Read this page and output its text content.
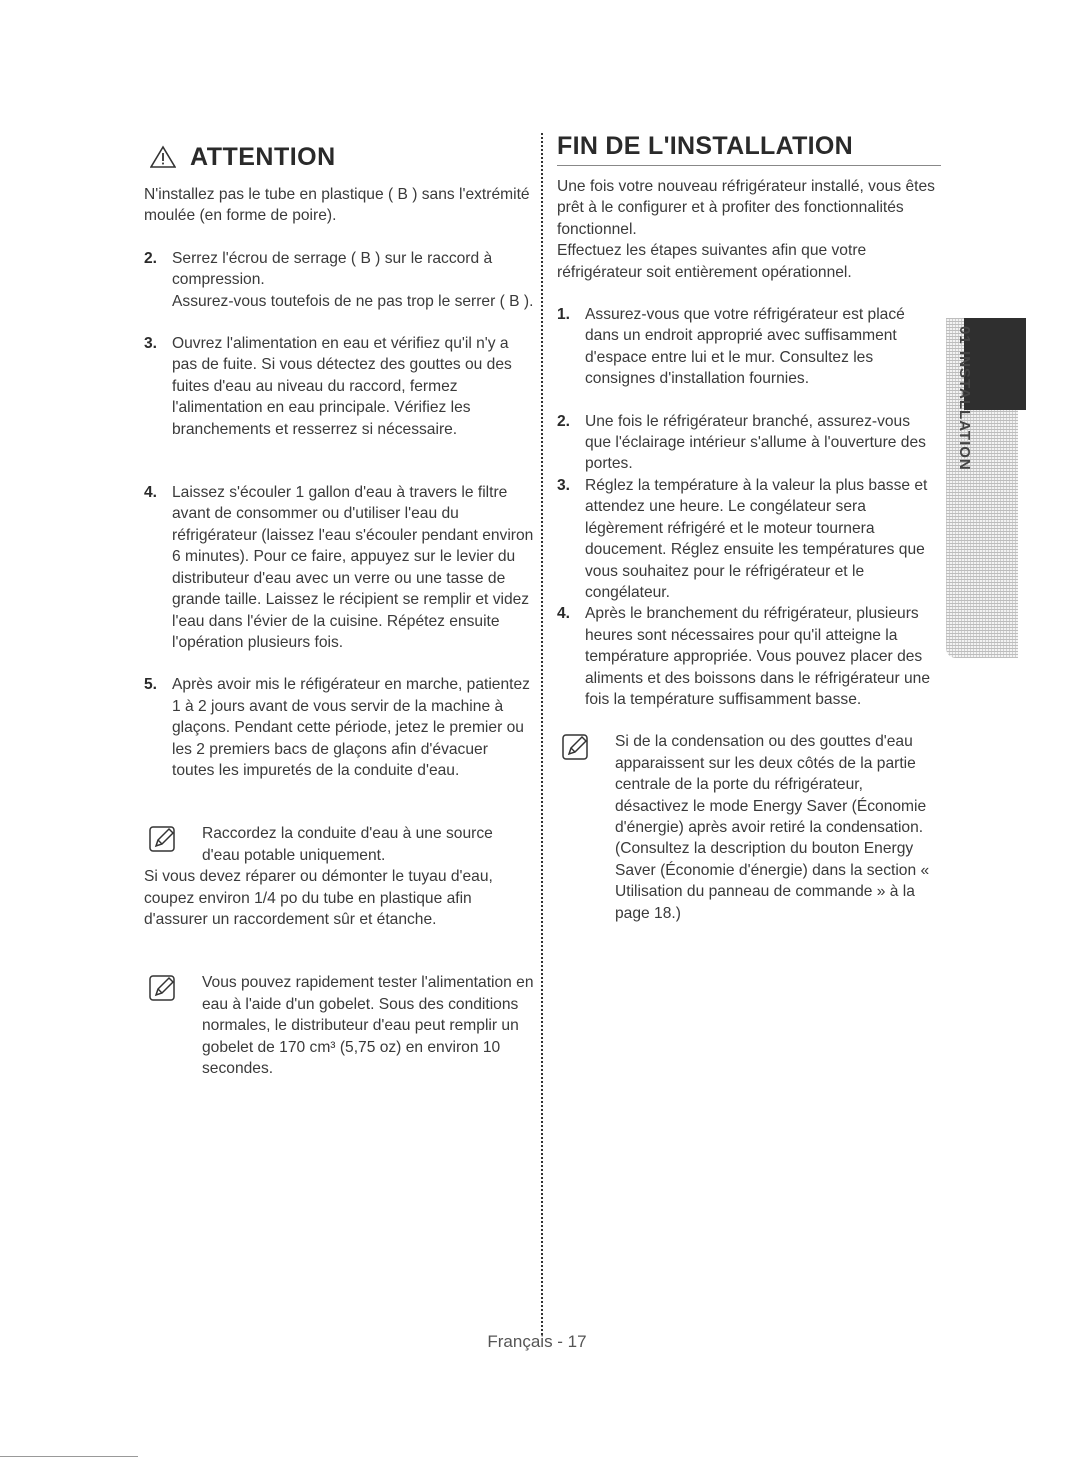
ATTENTION

N'installez pas le tube en plastique ( B ) sans l'extrémité moulée (en forme de poire).

2. Serrez l'écrou de serrage ( B ) sur le raccord à compression.

Assurez-vous toutefois de ne pas trop le serrer ( B ).

3. Ouvrez l'alimentation en eau et vérifiez qu'il n'y a pas de fuite. Si vous détectez des gouttes ou des fuites d'eau au niveau du raccord, fermez l'alimentation en eau principale. Vérifiez les branchements et resserrez si nécessaire.

4. Laissez s'écouler 1 gallon d'eau à travers le filtre avant de consommer ou d'utiliser l'eau du réfrigérateur (laissez l'eau s'écouler pendant environ 6 minutes). Pour ce faire, appuyez sur le levier du distributeur d'eau avec un verre ou une tasse de grande taille. Laissez le récipient se remplir et videz l'eau dans l'évier de la cuisine. Répétez ensuite l'opération plusieurs fois.

5. Après avoir mis le réfigérateur en marche, patientez 1 à 2 jours avant de vous servir de la machine à glaçons. Pendant cette période, jetez le premier ou les 2 premiers bacs de glaçons afin d'évacuer toutes les impuretés de la conduite d'eau.

Raccordez la conduite d'eau à une source d'eau potable uniquement.

Si vous devez réparer ou démonter le tuyau d'eau, coupez environ 1/4 po du tube en plastique afin d'assurer un raccordement sûr et étanche.

Vous pouvez rapidement tester l'alimentation en eau à l'aide d'un gobelet. Sous des conditions normales, le distributeur d'eau peut remplir un gobelet de 170 cm³ (5,75 oz) en environ 10 secondes.

FIN DE L'INSTALLATION

Une fois votre nouveau réfrigérateur installé, vous êtes prêt à le configurer et à profiter des fonctionnalités fonctionnel.

Effectuez les étapes suivantes afin que votre réfrigérateur soit entièrement opérationnel.

1. Assurez-vous que votre réfrigérateur est placé dans un endroit approprié avec suffisamment d'espace entre lui et le mur. Consultez les consignes d'installation fournies.

2. Une fois le réfrigérateur branché, assurez-vous que l'éclairage intérieur s'allume à l'ouverture des portes.

3. Réglez la température à la valeur la plus basse et attendez une heure. Le congélateur sera légèrement réfrigéré et le moteur tournera doucement. Réglez ensuite les températures que vous souhaitez pour le réfrigérateur et le congélateur.

4. Après le branchement du réfrigérateur, plusieurs heures sont nécessaires pour qu'il atteigne la température appropriée. Vous pouvez placer des aliments et des boissons dans le réfrigérateur une fois la température suffisamment basse.

Si de la condensation ou des gouttes d'eau apparaissent sur les deux côtés de la partie centrale de la porte du réfrigérateur, désactivez le mode Energy Saver (Économie d'énergie) après avoir retiré la condensation. (Consultez la description du bouton Energy Saver (Économie d'énergie) dans la section « Utilisation du panneau de commande » à la page 18.)

01
INSTALLATION
Français - 17
